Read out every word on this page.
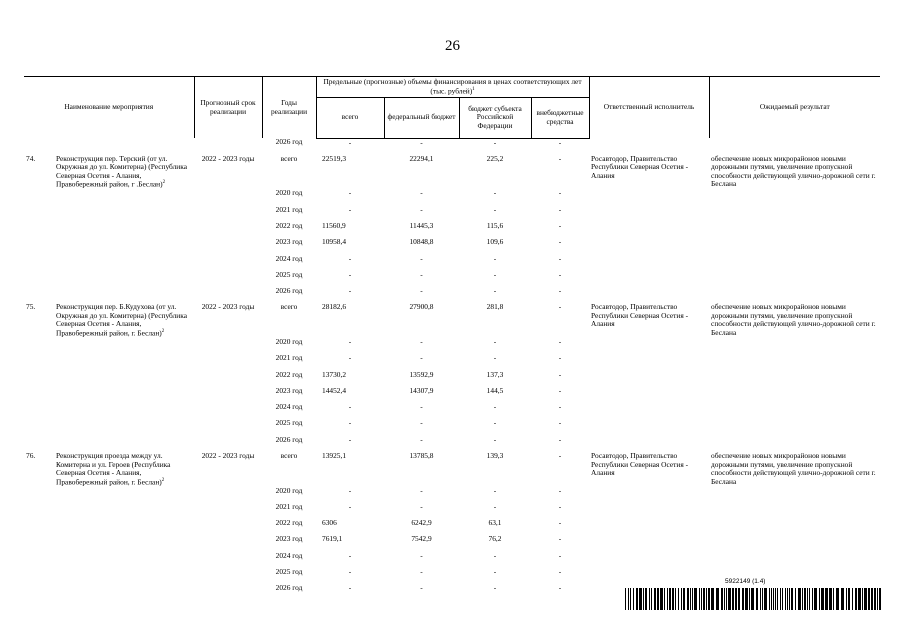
26
Наименование мероприятия		Прогнозный срок реализации	Годы реализации	Предельные (прогнозные) объемы финансирования в ценах соответствующих лет (тыс. рублей)$^1$				Ответственный исполнитель	Ожидаемый результат
				всего	федеральный бюджет	бюджет субъекта Российской Федерации	внебюджетные средства		
			2026 год	-	-	-	-		
74.	Реконструкция пер. Терский (от ул. Окружная до ул. Комитерна) (Республика Северная Осетия - Алания, Правобережный район, г .Беслан)$^2$	2022 - 2023 годы	всего	22519,3	22294,1	225,2	-	Росавтодор, Правительство Республики Северная Осетия - Алания	обеспечение новых микрорайонов новыми дорожными путями, увеличение пропускной способности действующей улично-дорожной сети г. Беслана
			2020 год	-	-	-	-		
			2021 год	-	-	-	-		
			2022 год	11560,9	11445,3	115,6	-		
			2023 год	10958,4	10848,8	109,6	-		
			2024 год	-	-	-	-		
			2025 год	-	-	-	-		
			2026 год	-	-	-	-		
75.	Реконструкция пер. Б.Кудухова (от ул. Окружная до ул. Комитерна) (Республика Северная Осетия - Алания, Правобережный район, г. Беслан)$^2$	2022 - 2023 годы	всего	28182,6	27900,8	281,8	-	Росавтодор, Правительство Республики Северная Осетия - Алания	обеспечение новых микрорайонов новыми дорожными путями, увеличение пропускной способности действующей улично-дорожной сети г. Беслана
			2020 год	-	-	-	-		
			2021 год	-	-	-	-		
			2022 год	13730,2	13592,9	137,3	-		
			2023 год	14452,4	14307,9	144,5	-		
			2024 год	-	-	-	-		
			2025 год	-	-	-	-		
			2026 год	-	-	-	-		
76.	Реконструкция проезда между ул. Комитерна и ул. Героев (Республика Северная Осетия - Алания, Правобережный район, г. Беслан)$^2$	2022 - 2023 годы	всего	13925,1	13785,8	139,3	-	Росавтодор, Правительство Республики Северная Осетия - Алания	обеспечение новых микрорайонов новыми дорожными путями, увеличение пропускной способности действующей улично-дорожной сети г. Беслана
			2020 год	-	-	-	-		
			2021 год	-	-	-	-		
			2022 год	6306	6242,9	63,1	-		
			2023 год	7619,1	7542,9	76,2	-		
			2024 год	-	-	-	-		
			2025 год	-	-	-	-		
			2026 год	-	-	-	-		
5922149 (1.4)
